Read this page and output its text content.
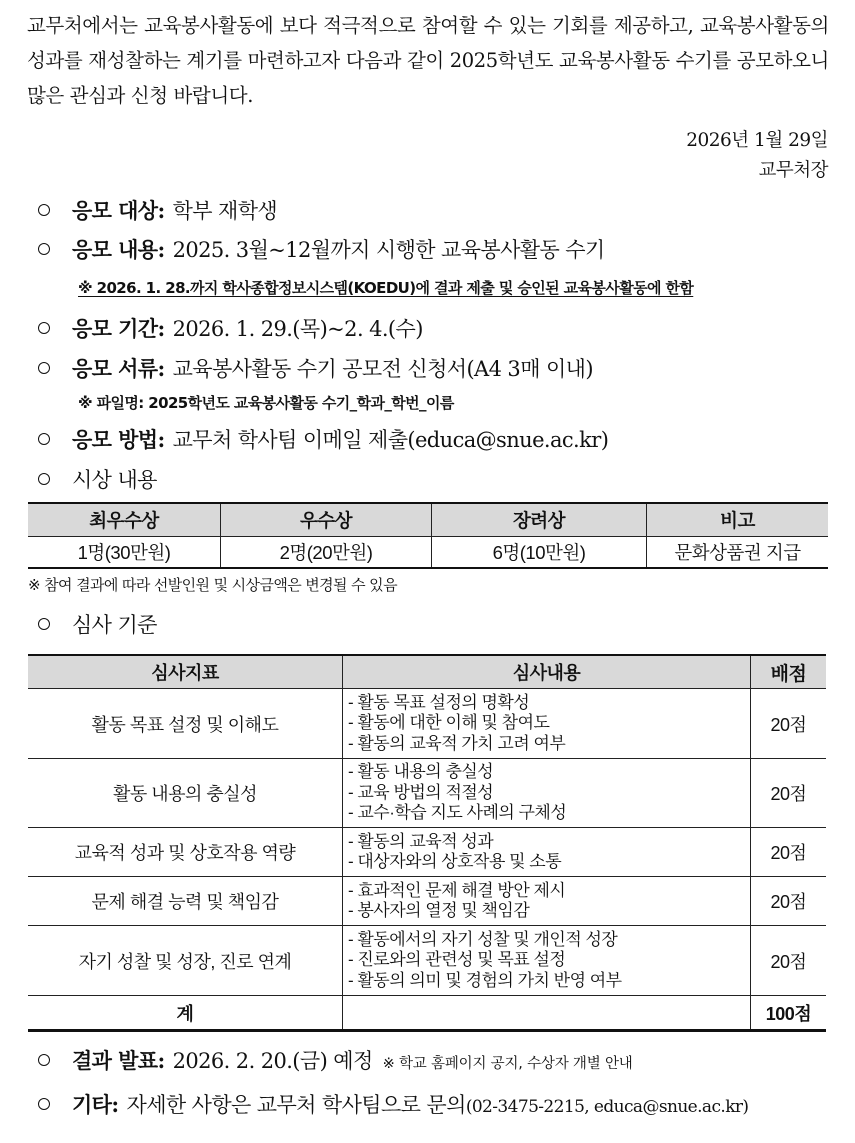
교무처에서는 교육봉사활동에 보다 적극적으로 참여할 수 있는 기회를 제공하고, 교육봉사활동의 성과를 재성찰하는 계기를 마련하고자 다음과 같이 2025학년도 교육봉사활동 수기를 공모하오니 많은 관심과 신청 바랍니다.
2026년 1월 29일
교무처장
응모 대상: 학부 재학생
응모 내용: 2025. 3월~12월까지 시행한 교육봉사활동 수기
※ 2026. 1. 28.까지 학사종합정보시스템(KOEDU)에 결과 제출 및 승인된 교육봉사활동에 한함
응모 기간: 2026. 1. 29.(목)~2. 4.(수)
응모 서류: 교육봉사활동 수기 공모전 신청서(A4 3매 이내)
※ 파일명: 2025학년도 교육봉사활동 수기_학과_학번_이름
응모 방법: 교무처 학사팀 이메일 제출(educa@snue.ac.kr)
시상 내용
최우수상	우수상	장려상	비고
1명(30만원)	2명(20만원)	6명(10만원)	문화상품권 지급
※ 참여 결과에 따라 선발인원 및 시상금액은 변경될 수 있음
심사 기준
심사지표	심사내용	배점
활동 목표 설정 및 이해도	- 활동 목표 설정의 명확성
- 활동에 대한 이해 및 참여도
- 활동의 교육적 가치 고려 여부	20점
활동 내용의 충실성	- 활동 내용의 충실성
- 교육 방법의 적절성
- 교수·학습 지도 사례의 구체성	20점
교육적 성과 및 상호작용 역량	- 활동의 교육적 성과
- 대상자와의 상호작용 및 소통	20점
문제 해결 능력 및 책임감	- 효과적인 문제 해결 방안 제시
- 봉사자의 열정 및 책임감	20점
자기 성찰 및 성장, 진로 연계	- 활동에서의 자기 성찰 및 개인적 성장
- 진로와의 관련성 및 목표 설정
- 활동의 의미 및 경험의 가치 반영 여부	20점
계		100점
결과 발표: 2026. 2. 20.(금) 예정 ※ 학교 홈페이지 공지, 수상자 개별 안내
기타: 자세한 사항은 교무처 학사팀으로 문의 (02-3475-2215, educa@snue.ac.kr)
